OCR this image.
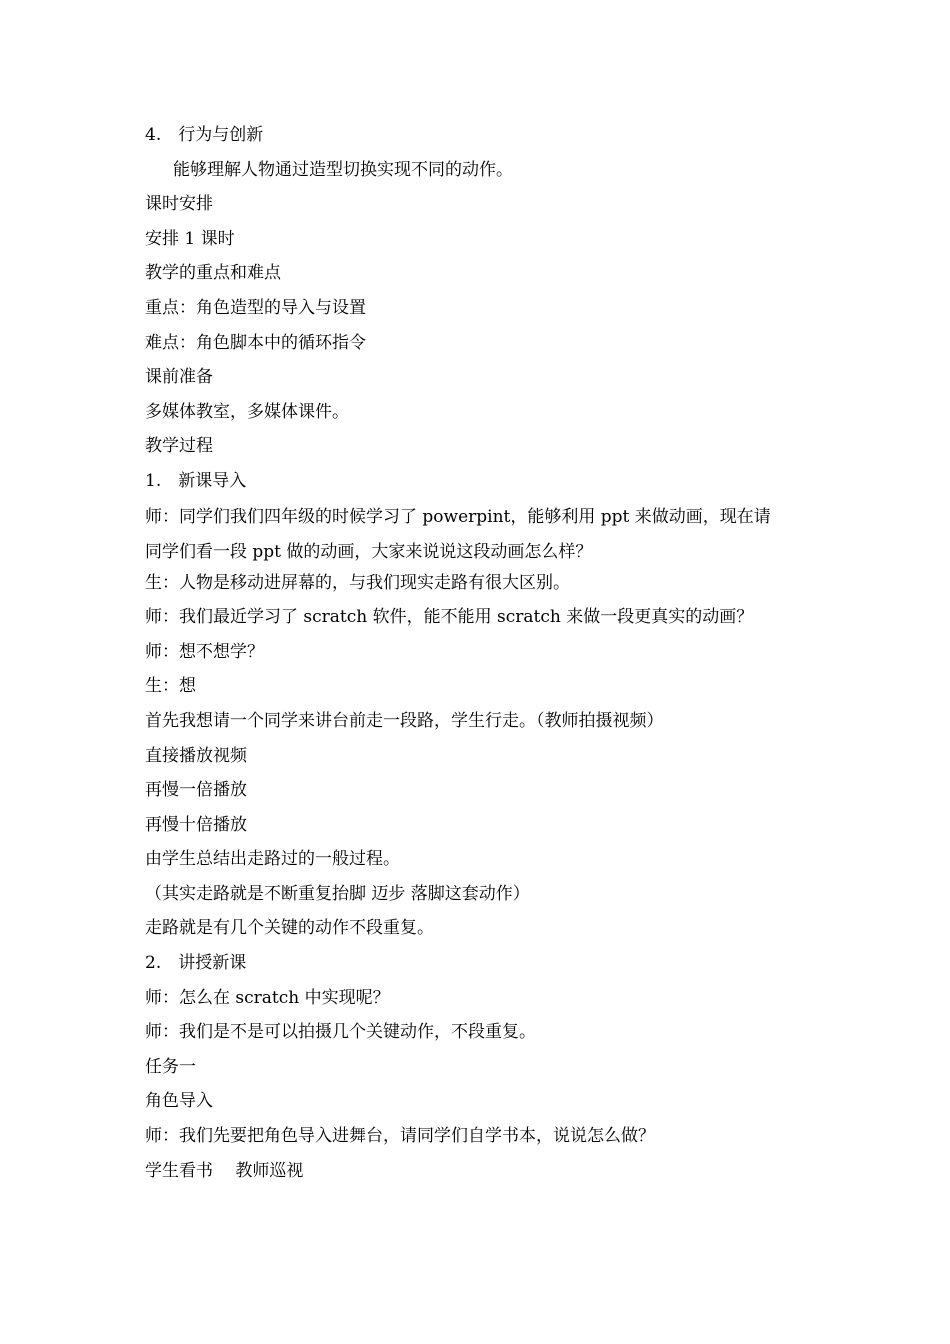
4.　行为与创新
能够理解人物通过造型切换实现不同的动作。
课时安排
安排 1 课时
教学的重点和难点
重点：角色造型的导入与设置
难点：角色脚本中的循环指令
课前准备
多媒体教室，多媒体课件。
教学过程
1.　新课导入
师：同学们我们四年级的时候学习了 powerpint，能够利用 ppt 来做动画，现在请
同学们看一段 ppt 做的动画，大家来说说这段动画怎么样？
生：人物是移动进屏幕的，与我们现实走路有很大区别。
师：我们最近学习了 scratch 软件，能不能用 scratch 来做一段更真实的动画？
师：想不想学？
生：想
首先我想请一个同学来讲台前走一段路，学生行走。（教师拍摄视频）
直接播放视频
再慢一倍播放
再慢十倍播放
由学生总结出走路过的一般过程。
（其实走路就是不断重复抬脚 迈步 落脚这套动作）
走路就是有几个关键的动作不段重复。
2.　讲授新课
师：怎么在 scratch 中实现呢？
师：我们是不是可以拍摄几个关键动作，不段重复。
任务一
角色导入
师：我们先要把角色导入进舞台，请同学们自学书本，说说怎么做？
学生看书　 教师巡视
